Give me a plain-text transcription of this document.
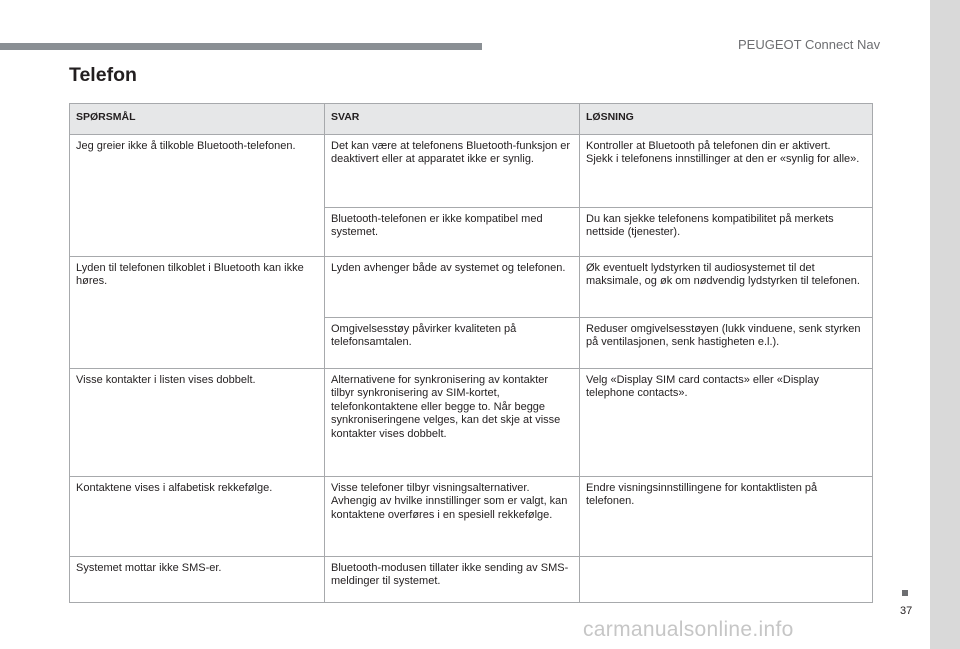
PEUGEOT Connect Nav
Telefon
SPØRSMÅL	SVAR	LØSNING
Jeg greier ikke å tilkoble Bluetooth-telefonen.	Det kan være at telefonens Bluetooth-funksjon er deaktivert eller at apparatet ikke er synlig.	Kontroller at Bluetooth på telefonen din er aktivert.
Sjekk i telefonens innstillinger at den er «synlig for alle».

	Bluetooth-telefonen er ikke kompatibel med systemet.	Du kan sjekke telefonens kompatibilitet på merkets nettside (tjenester).

Lyden til telefonen tilkoblet i Bluetooth kan ikke høres.	Lyden avhenger både av systemet og telefonen.	Øk eventuelt lydstyrken til audiosystemet til det maksimale, og øk om nødvendig lydstyrken til telefonen.

	Omgivelsesstøy påvirker kvaliteten på telefonsamtalen.	Reduser omgivelsesstøyen (lukk vinduene, senk styrken på ventilasjonen, senk hastigheten e.l.).

Visse kontakter i listen vises dobbelt.	Alternativene for synkronisering av kontakter tilbyr synkronisering av SIM-kortet, telefonkontaktene eller begge to. Når begge synkroniseringene velges, kan det skje at visse kontakter vises dobbelt.	Velg «Display SIM card contacts» eller «Display telephone contacts».

Kontaktene vises i alfabetisk rekkefølge.	Visse telefoner tilbyr visningsalternativer. Avhengig av hvilke innstillinger som er valgt, kan kontaktene overføres i en spesiell rekkefølge.	Endre visningsinnstillingene for kontaktlisten på telefonen.

Systemet mottar ikke SMS-er.	Bluetooth-modusen tillater ikke sending av SMS-meldinger til systemet.	
37
carmanualsonline.info
